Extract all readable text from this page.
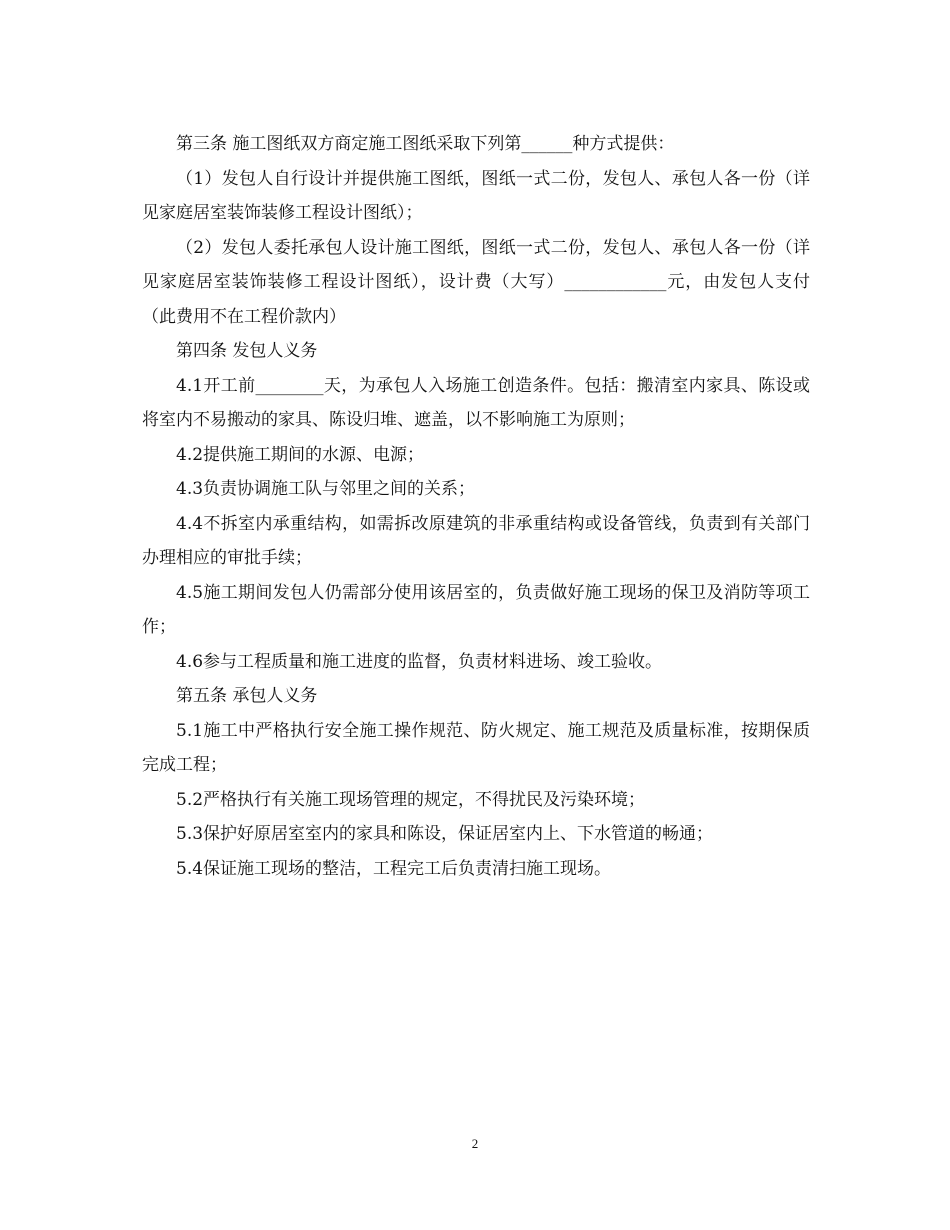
第三条 施工图纸双方商定施工图纸采取下列第______种方式提供：

（1）发包人自行设计并提供施工图纸，图纸一式二份，发包人、承包人各一份（详见家庭居室装饰装修工程设计图纸）；

（2）发包人委托承包人设计施工图纸，图纸一式二份，发包人、承包人各一份（详见家庭居室装饰装修工程设计图纸），设计费（大写）____________元，由发包人支付（此费用不在工程价款内）

第四条 发包人义务

4.1开工前________天，为承包人入场施工创造条件。包括：搬清室内家具、陈设或将室内不易搬动的家具、陈设归堆、遮盖，以不影响施工为原则；

4.2提供施工期间的水源、电源；

4.3负责协调施工队与邻里之间的关系；

4.4不拆室内承重结构，如需拆改原建筑的非承重结构或设备管线，负责到有关部门办理相应的审批手续；

4.5施工期间发包人仍需部分使用该居室的，负责做好施工现场的保卫及消防等项工作；

4.6参与工程质量和施工进度的监督，负责材料进场、竣工验收。

第五条 承包人义务

5.1施工中严格执行安全施工操作规范、防火规定、施工规范及质量标准，按期保质完成工程；

5.2严格执行有关施工现场管理的规定，不得扰民及污染环境；

5.3保护好原居室室内的家具和陈设，保证居室内上、下水管道的畅通；

5.4保证施工现场的整洁，工程完工后负责清扫施工现场。

2
